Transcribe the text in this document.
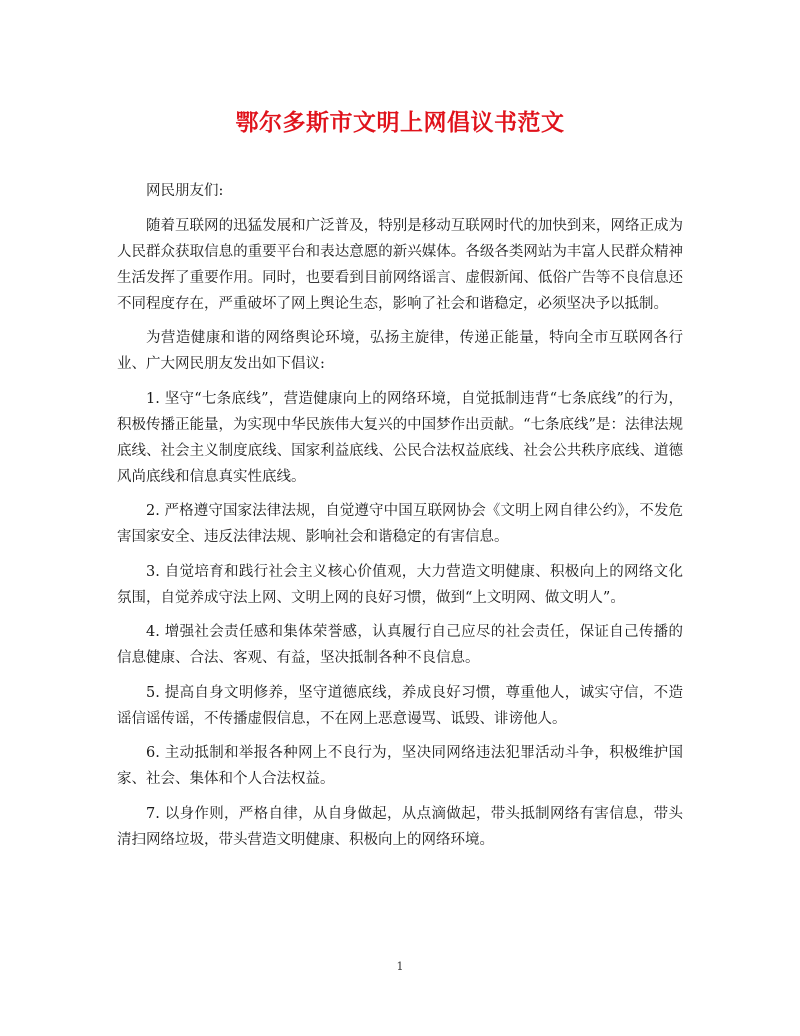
鄂尔多斯市文明上网倡议书范文

网民朋友们:

随着互联网的迅猛发展和广泛普及，特别是移动互联网时代的加快到来，网络正成为人民群众获取信息的重要平台和表达意愿的新兴媒体。各级各类网站为丰富人民群众精神生活发挥了重要作用。同时，也要看到目前网络谣言、虚假新闻、低俗广告等不良信息还不同程度存在，严重破坏了网上舆论生态，影响了社会和谐稳定，必须坚决予以抵制。

为营造健康和谐的网络舆论环境，弘扬主旋律，传递正能量，特向全市互联网各行业、广大网民朋友发出如下倡议:

1. 坚守“七条底线”，营造健康向上的网络环境，自觉抵制违背“七条底线”的行为，积极传播正能量，为实现中华民族伟大复兴的中国梦作出贡献。“七条底线”是：法律法规底线、社会主义制度底线、国家利益底线、公民合法权益底线、社会公共秩序底线、道德风尚底线和信息真实性底线。

2. 严格遵守国家法律法规，自觉遵守中国互联网协会《文明上网自律公约》，不发危害国家安全、违反法律法规、影响社会和谐稳定的有害信息。

3. 自觉培育和践行社会主义核心价值观，大力营造文明健康、积极向上的网络文化氛围，自觉养成守法上网、文明上网的良好习惯，做到“上文明网、做文明人”。

4. 增强社会责任感和集体荣誉感，认真履行自己应尽的社会责任，保证自己传播的信息健康、合法、客观、有益，坚决抵制各种不良信息。

5. 提高自身文明修养，坚守道德底线，养成良好习惯，尊重他人，诚实守信，不造谣信谣传谣，不传播虚假信息，不在网上恶意谩骂、诋毁、诽谤他人。

6. 主动抵制和举报各种网上不良行为，坚决同网络违法犯罪活动斗争，积极维护国家、社会、集体和个人合法权益。

7. 以身作则，严格自律，从自身做起，从点滴做起，带头抵制网络有害信息，带头清扫网络垃圾，带头营造文明健康、积极向上的网络环境。

1
